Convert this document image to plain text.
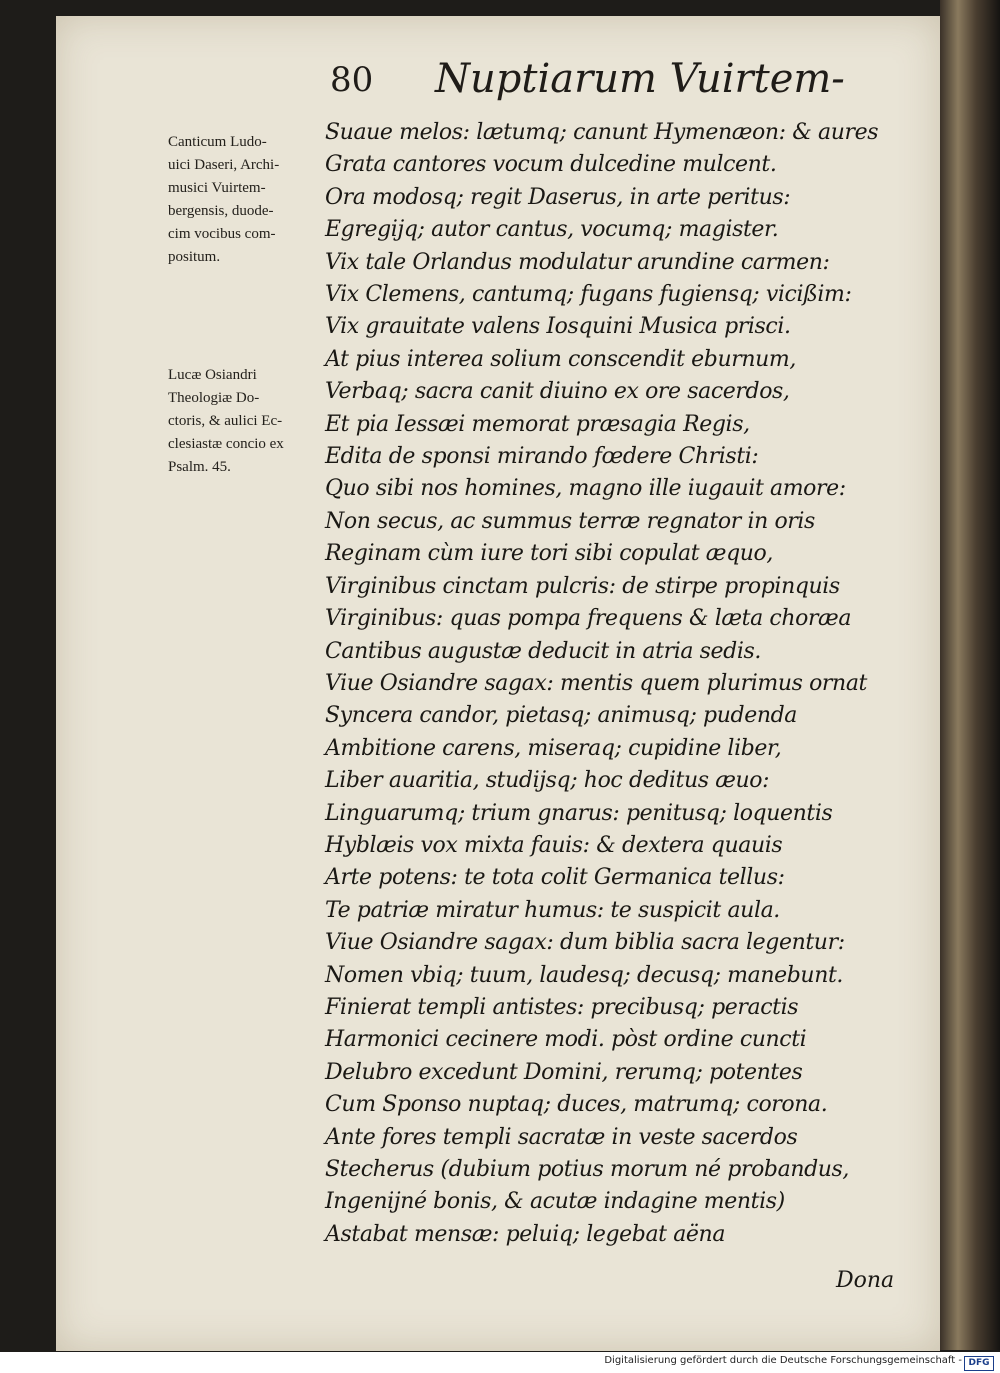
80 Nuptiarum Vuirtem-
Canticum Ludo-
uici Daseri, Archi-
musici Vuirtem-
bergensis, duode-
cim vocibus com-
positum.
Lucæ Osiandri
Theologiæ Do-
ctoris, & aulici Ec-
clesiastæ concio ex
Psalm. 45.
Suaue melos: lætumq; canunt Hymenæon: & aures
Grata cantores vocum dulcedine mulcent.
Ora modosq; regit Daserus, in arte peritus:
Egregijq; autor cantus, vocumq; magister.
Vix tale Orlandus modulatur arundine carmen:
Vix Clemens, cantumq; fugans fugiensq; vicißim:
Vix grauitate valens Iosquini Musica prisci.
At pius interea solium conscendit eburnum,
Verbaq; sacra canit diuino ex ore sacerdos,
Et pia Iessæi memorat præsagia Regis,
Edita de sponsi mirando fœdere Christi:
Quo sibi nos homines, magno ille iugauit amore:
Non secus, ac summus terræ regnator in oris
Reginam cùm iure tori sibi copulat æquo,
Virginibus cinctam pulcris: de stirpe propinquis
Virginibus: quas pompa frequens & læta choræa
Cantibus augustæ deducit in atria sedis.
Viue Osiandre sagax: mentis quem plurimus ornat
Syncera candor, pietasq; animusq; pudenda
Ambitione carens, miseraq; cupidine liber,
Liber auaritia, studijsq; hoc deditus æuo:
Linguarumq; trium gnarus: penitusq; loquentis
Hyblæis vox mixta fauis: & dextera quauis
Arte potens: te tota colit Germanica tellus:
Te patriæ miratur humus: te suspicit aula.
Viue Osiandre sagax: dum biblia sacra legentur:
Nomen vbiq; tuum, laudesq; decusq; manebunt.
Finierat templi antistes: precibusq; peractis
Harmonici cecinere modi. pòst ordine cuncti
Delubro excedunt Domini, rerumq; potentes
Cum Sponso nuptaq; duces, matrumq; corona.
Ante fores templi sacratæ in veste sacerdos
Stecherus (dubium potius morum né probandus,
Ingenijné bonis, & acutæ indagine mentis)
Astabat mensæ: peluiq; legebat aëna
Dona
Digitalisierung gefördert durch die Deutsche Forschungsgemeinschaft - DFG
